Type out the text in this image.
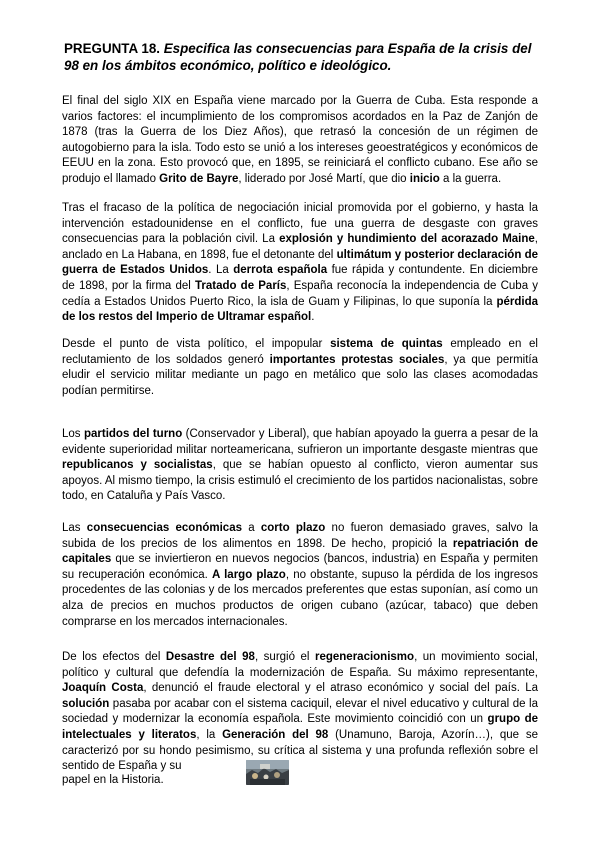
PREGUNTA 18. Especifica las consecuencias para España de la crisis del 98 en los ámbitos económico, político e ideológico.

El final del siglo XIX en España viene marcado por la Guerra de Cuba. Esta responde a varios factores: el incumplimiento de los compromisos acordados en la Paz de Zanjón de 1878 (tras la Guerra de los Diez Años), que retrasó la concesión de un régimen de autogobierno para la isla. Todo esto se unió a los intereses geoestratégicos y económicos de EEUU en la zona. Esto provocó que, en 1895, se reiniciará el conflicto cubano. Ese año se produjo el llamado Grito de Bayre, liderado por José Martí, que dio inicio a la guerra.

Tras el fracaso de la política de negociación inicial promovida por el gobierno, y hasta la intervención estadounidense en el conflicto, fue una guerra de desgaste con graves consecuencias para la población civil. La explosión y hundimiento del acorazado Maine, anclado en La Habana, en 1898, fue el detonante del ultimátum y posterior declaración de guerra de Estados Unidos. La derrota española fue rápida y contundente. En diciembre de 1898, por la firma del Tratado de París, España reconocía la independencia de Cuba y cedía a Estados Unidos Puerto Rico, la isla de Guam y Filipinas, lo que suponía la pérdida de los restos del Imperio de Ultramar español.

Desde el punto de vista político, el impopular sistema de quintas empleado en el reclutamiento de los soldados generó importantes protestas sociales, ya que permitía eludir el servicio militar mediante un pago en metálico que solo las clases acomodadas podían permitirse.

Los partidos del turno (Conservador y Liberal), que habían apoyado la guerra a pesar de la evidente superioridad militar norteamericana, sufrieron un importante desgaste mientras que republicanos y socialistas, que se habían opuesto al conflicto, vieron aumentar sus apoyos. Al mismo tiempo, la crisis estimuló el crecimiento de los partidos nacionalistas, sobre todo, en Cataluña y País Vasco.

Las consecuencias económicas a corto plazo no fueron demasiado graves, salvo la subida de los precios de los alimentos en 1898. De hecho, propició la repatriación de capitales que se inviertieron en nuevos negocios (bancos, industria) en España y permiten su recuperación económica. A largo plazo, no obstante, supuso la pérdida de los ingresos procedentes de las colonias y de los mercados preferentes que estas suponían, así como un alza de precios en muchos productos de origen cubano (azúcar, tabaco) que deben comprarse en los mercados internacionales.

De los efectos del Desastre del 98, surgió el regeneracionismo, un movimiento social, político y cultural que defendía la modernización de España. Su máximo representante, Joaquín Costa, denunció el fraude electoral y el atraso económico y social del país. La solución pasaba por acabar con el sistema caciquil, elevar el nivel educativo y cultural de la sociedad y modernizar la economía española. Este movimiento coincidió con un grupo de intelectuales y literatos, la Generación del 98 (Unamuno, Baroja, Azorín…), que se caracterizó por su hondo pesimismo, su crítica al sistema y una profunda reflexión sobre el sentido de España y su

papel en la Historia.
